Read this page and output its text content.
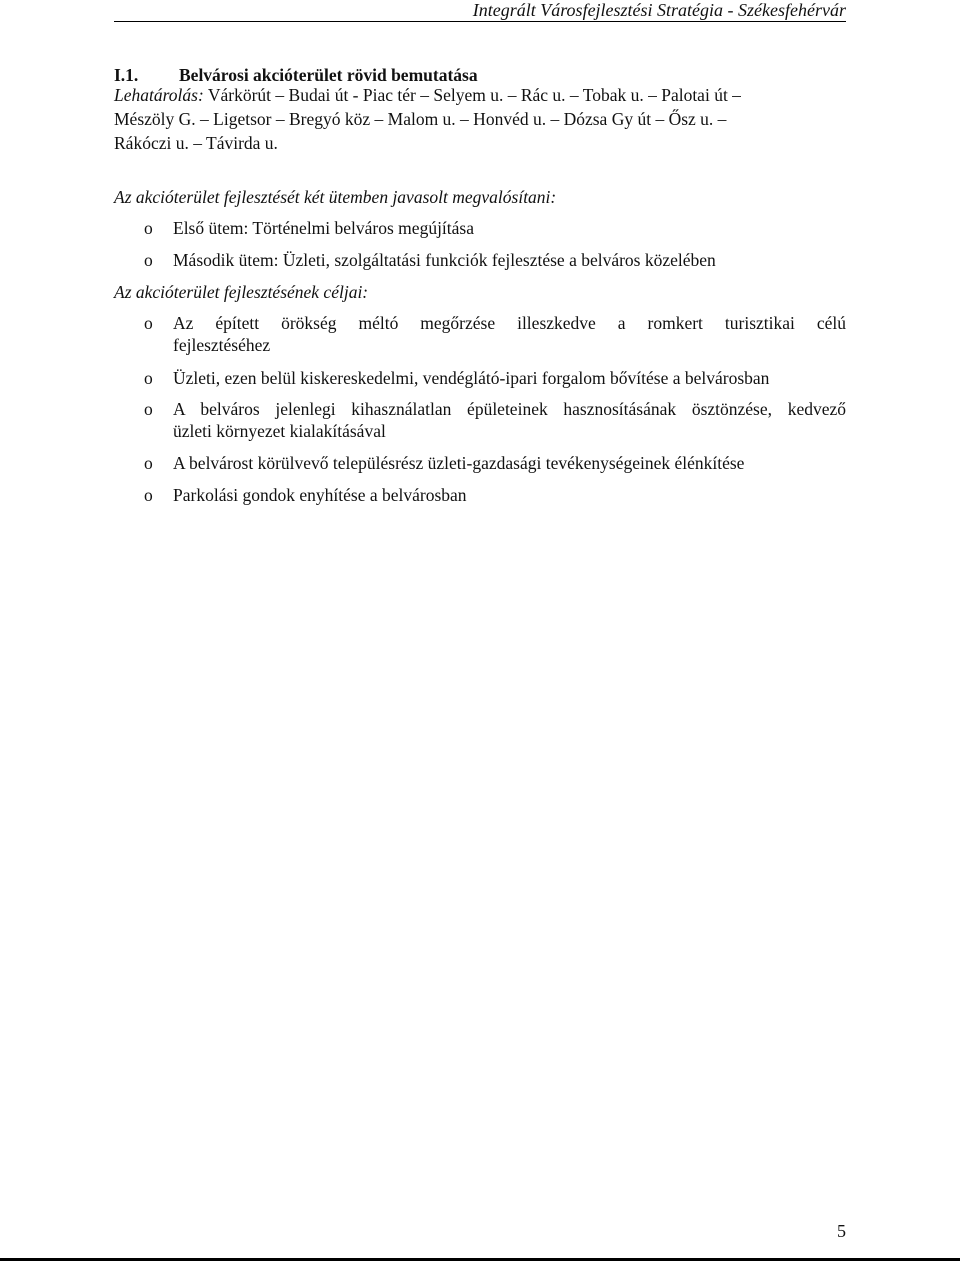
Integrált Városfejlesztési Stratégia - Székesfehérvár
I.1. Belvárosi akcióterület rövid bemutatása
Lehatárolás: Várkörút – Budai út - Piac tér – Selyem u. – Rác u. – Tobak u. – Palotai út –
Mészöly G. – Ligetsor – Bregyó köz – Malom u. – Honvéd u. – Dózsa Gy út – Ősz u. –
Rákóczi u. – Távirda u.
Az akcióterület fejlesztését két ütemben javasolt megvalósítani:
o Első ütem: Történelmi belváros megújítása
o Második ütem: Üzleti, szolgáltatási funkciók fejlesztése a belváros közelében
Az akcióterület fejlesztésének céljai:
o Az épített örökség méltó megőrzése illeszkedve a romkert turisztikai célú
fejlesztéséhez
o Üzleti, ezen belül kiskereskedelmi, vendéglátó-ipari forgalom bővítése a belvárosban
o A belváros jelenlegi kihasználatlan épületeinek hasznosításának ösztönzése, kedvező
üzleti környezet kialakításával
o A belvárost körülvevő településrész üzleti-gazdasági tevékenységeinek élénkítése
o Parkolási gondok enyhítése a belvárosban
5
